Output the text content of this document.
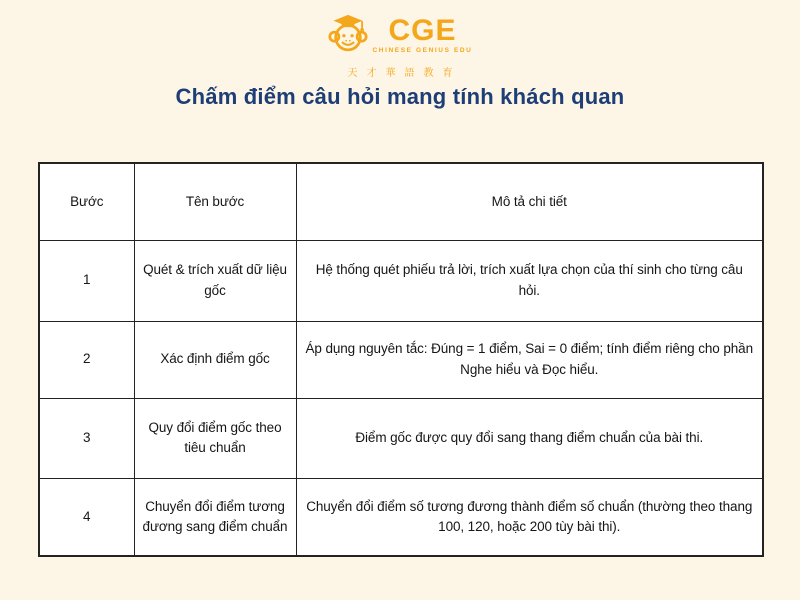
CGE
CHINESE GENIUS EDU
天才華語教育
Chấm điểm câu hỏi mang tính khách quan
Bước	Tên bước	Mô tả chi tiết
1	Quét & trích xuất dữ liệu gốc	Hệ thống quét phiếu trả lời, trích xuất lựa chọn của thí sinh cho từng câu hỏi.
2	Xác định điểm gốc	Áp dụng nguyên tắc: Đúng = 1 điểm, Sai = 0 điểm; tính điểm riêng cho phần Nghe hiểu và Đọc hiểu.
3	Quy đổi điểm gốc theo tiêu chuẩn	Điểm gốc được quy đổi sang thang điểm chuẩn của bài thi.
4	Chuyển đổi điểm tương đương sang điểm chuẩn	Chuyển đổi điểm số tương đương thành điểm số chuẩn (thường theo thang 100, 120, hoặc 200 tùy bài thi).
